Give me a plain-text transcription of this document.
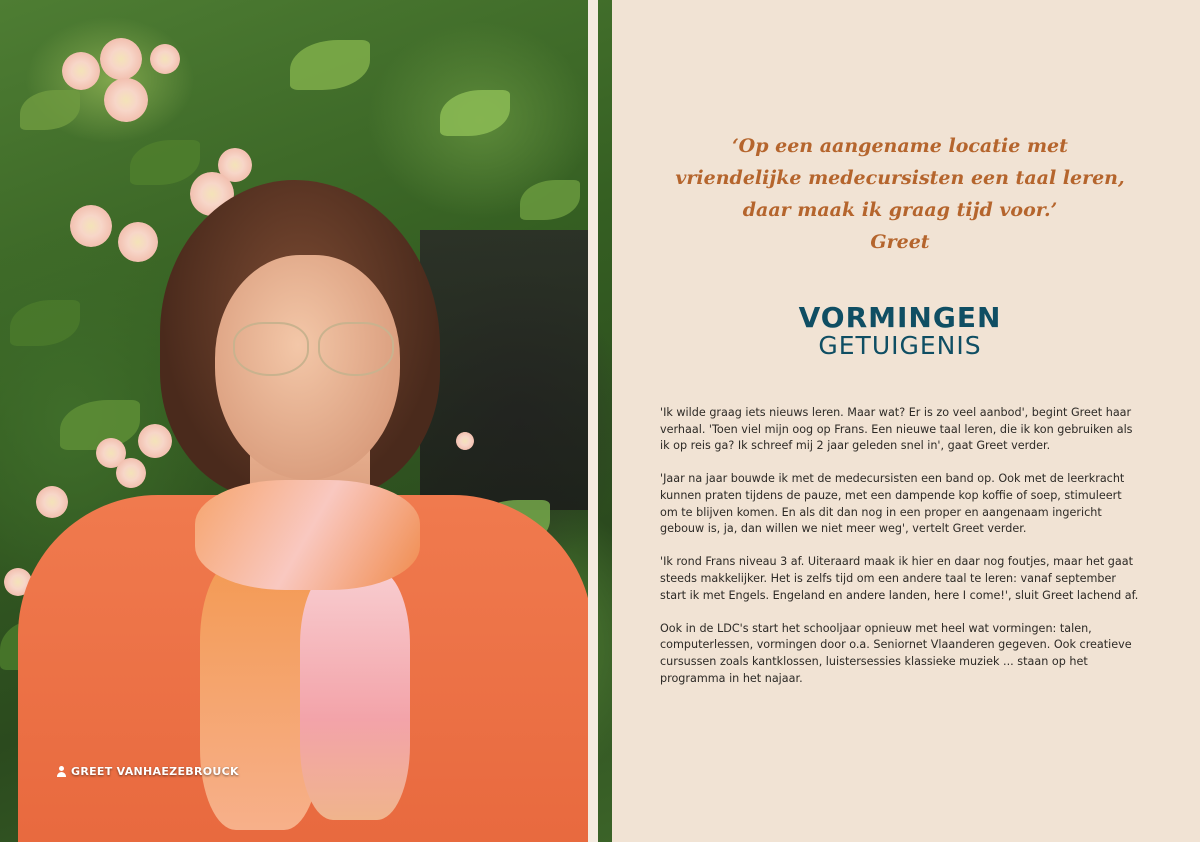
GREET VANHAEZEBROUCK
‘Op een aangename locatie met
vriendelijke medecursisten een taal leren,
daar maak ik graag tijd voor.’
Greet
VORMINGEN
GETUIGENIS

'Ik wilde graag iets nieuws leren. Maar wat? Er is zo veel aanbod', begint Greet haar verhaal. 'Toen viel mijn oog op Frans. Een nieuwe taal leren, die ik kon gebruiken als ik op reis ga? Ik schreef mij 2 jaar geleden snel in', gaat Greet verder.

'Jaar na jaar bouwde ik met de medecursisten een band op. Ook met de leerkracht kunnen praten tijdens de pauze, met een dampende kop koffie of soep, stimuleert om te blijven komen. En als dit dan nog in een proper en aangenaam ingericht gebouw is, ja, dan willen we niet meer weg', vertelt Greet verder.

'Ik rond Frans niveau 3 af. Uiteraard maak ik hier en daar nog foutjes, maar het gaat steeds makkelijker. Het is zelfs tijd om een andere taal te leren: vanaf september start ik met Engels. Engeland en andere landen, here I come!', sluit Greet lachend af.

Ook in de LDC's start het schooljaar opnieuw met heel wat vormingen: talen, computerlessen, vormingen door o.a. Seniornet Vlaanderen gegeven. Ook creatieve cursussen zoals kantklossen, luistersessies klassieke muziek ... staan op het programma in het najaar.
